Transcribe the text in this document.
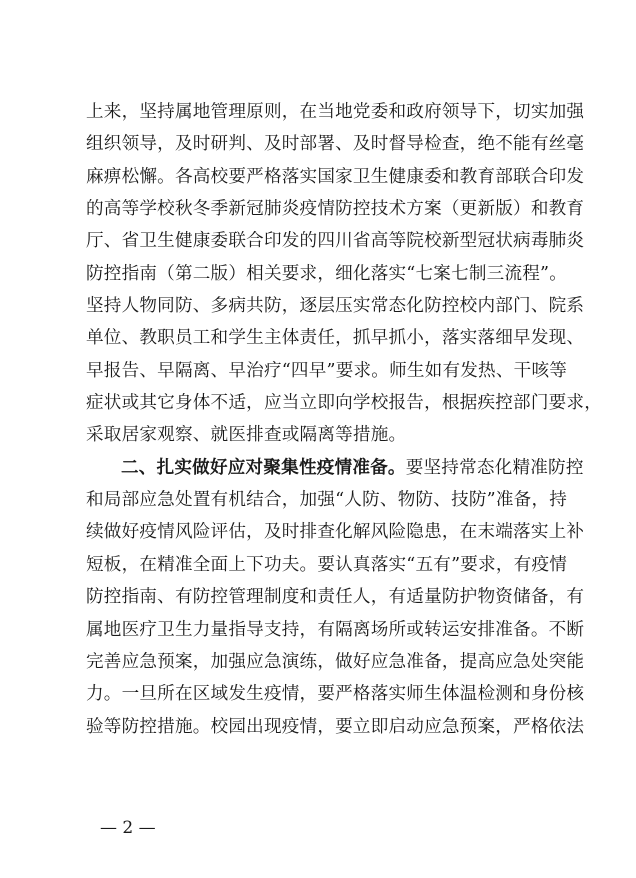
上来，坚持属地管理原则，在当地党委和政府领导下，切实加强
组织领导，及时研判、及时部署、及时督导检查，绝不能有丝毫
麻痹松懈。各高校要严格落实国家卫生健康委和教育部联合印发
的高等学校秋冬季新冠肺炎疫情防控技术方案（更新版）和教育
厅、省卫生健康委联合印发的四川省高等院校新型冠状病毒肺炎
防控指南（第二版）相关要求，细化落实“七案七制三流程”。
坚持人物同防、多病共防，逐层压实常态化防控校内部门、院系
单位、教职员工和学生主体责任，抓早抓小，落实落细早发现、
早报告、早隔离、早治疗“四早”要求。师生如有发热、干咳等
症状或其它身体不适，应当立即向学校报告，根据疾控部门要求，
采取居家观察、就医排查或隔离等措施。
二、扎实做好应对聚集性疫情准备。要坚持常态化精准防控
和局部应急处置有机结合，加强“人防、物防、技防”准备，持
续做好疫情风险评估，及时排查化解风险隐患，在末端落实上补
短板，在精准全面上下功夫。要认真落实“五有”要求，有疫情
防控指南、有防控管理制度和责任人，有适量防护物资储备，有
属地医疗卫生力量指导支持，有隔离场所或转运安排准备。不断
完善应急预案，加强应急演练，做好应急准备，提高应急处突能
力。一旦所在区域发生疫情，要严格落实师生体温检测和身份核
验等防控措施。校园出现疫情，要立即启动应急预案，严格依法
— 2 —
